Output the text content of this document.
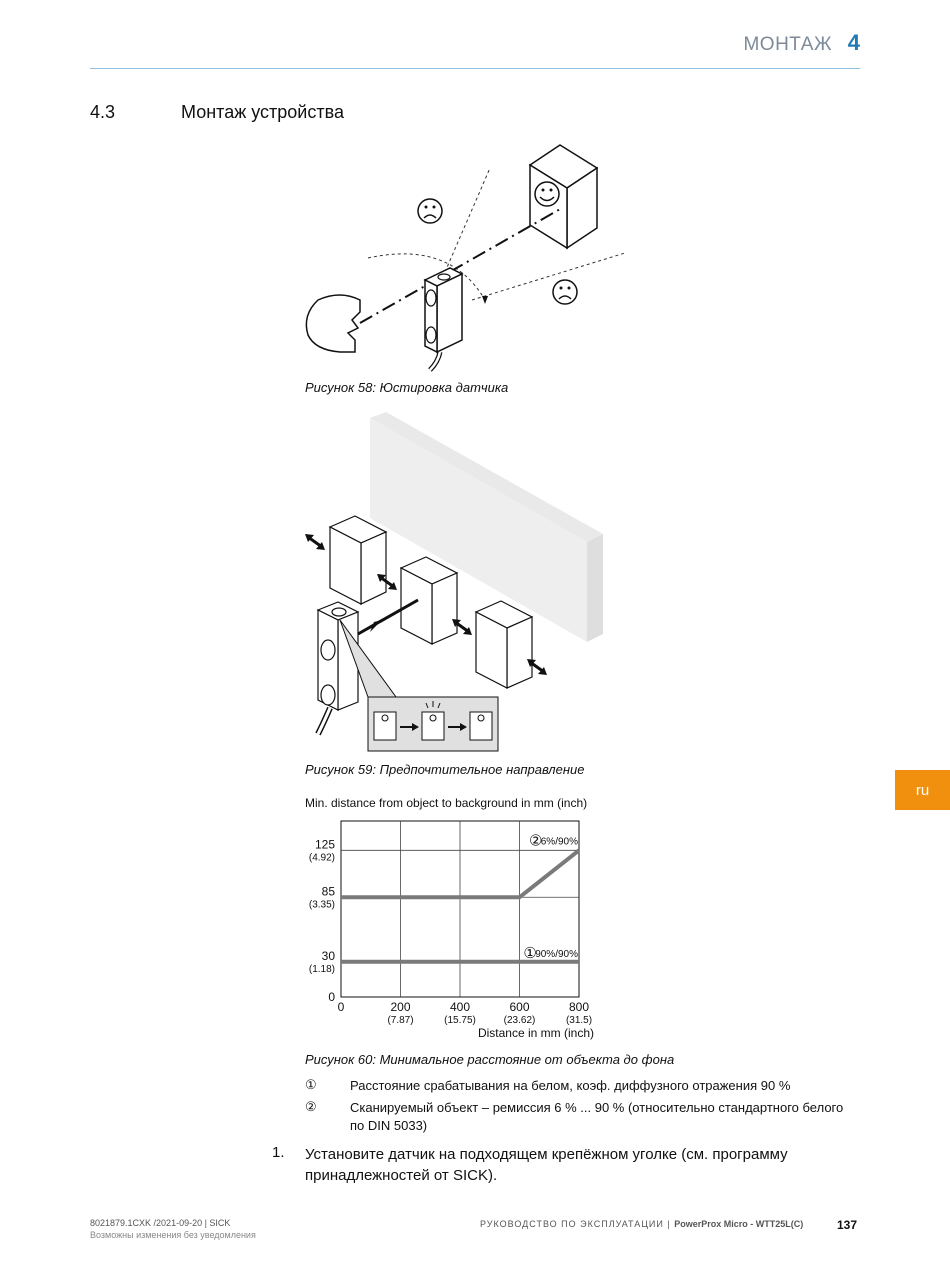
МОНТАЖ 4
4.3	Монтаж устройства
Рисунок 58: Юстировка датчика
Рисунок 59: Предпочтительное направление
Min. distance from object to background in mm (inch)
90%/90%
①
6%/90%
②
0	200
(7.87)
400
(15.75)
600
(23.62)
800
(31.5)
0
30
(1.18)
85
(3.35)
125
(4.92)
Distance in mm (inch)
Рисунок 60: Минимальное расстояние от объекта до фона
ru
①	Расстояние срабатывания на белом, коэф. диффузного отражения 90 %
②	Сканируемый объект – ремиссия 6 % ... 90 % (относительно стандартного белого по DIN 5033)
1. Установите датчик на подходящем крепёжном уголке (см. программу принадлежностей от SICK).
8021879.1CXK /2021-09-20 | SICK
Возможны изменения без уведомления
РУКОВОДСТВО ПО ЭКСПЛУАТАЦИИ | PowerProx Micro - WTT25L(C)	137
